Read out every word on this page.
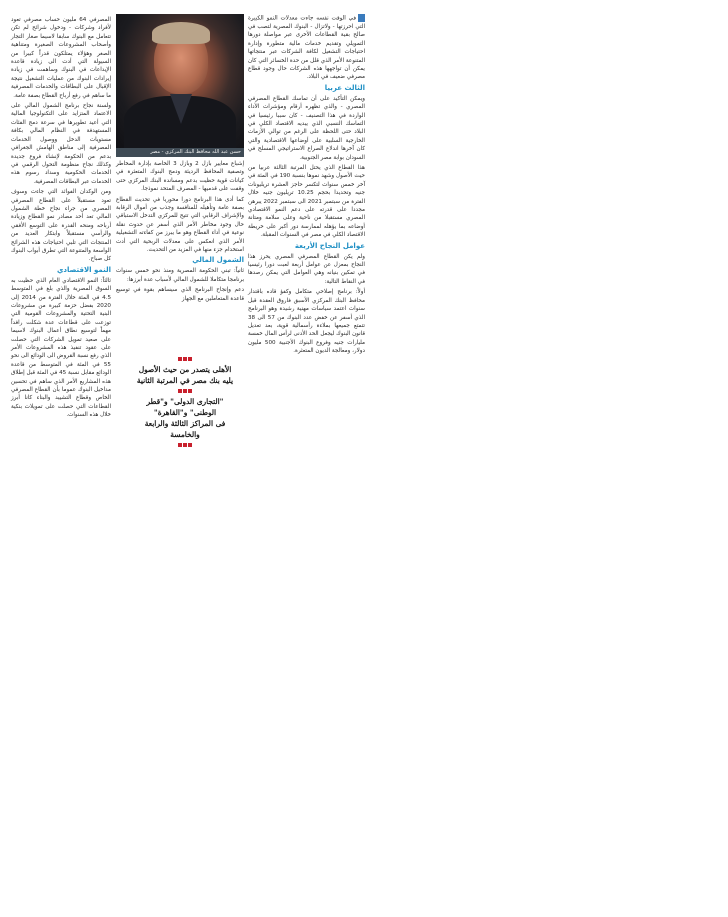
في الوقت نفسه جاءت معدلات النمو الكبيرة التي احرزتها - ولاتزال - البنوك المصرية لتصب في صالح بقية القطاعات الأخرى عبر مواصلة دورها التمويلي وتقديم خدمات مالية متطورة وإدارة احتياجات التشغيل لكافة الشركات عبر منتجاتها المتنوعة الأمر الذي قلل من حدة الخسائر التي كان يمكن أن تواجهها هذه الشركات حال وجود قطاع مصرفي ضعيف في البلاد.

الثالث عربيا

ويمكن التأكيد على أن تماسك القطاع المصرفي المصري - والذي تظهره أرقام ومؤشرات الأداء الواردة في هذا التصنيف - كان سببا رئيسيا في التماسك النسبي الذي يبديه الاقتصاد الكلي في البلاد حتى اللحظة على الرغم من توالي الأزمات الخارجية السلبية على أوضاعها الاقتصادية والتي كان آخرها اندلاع الصراع الاستراتيجي المسلح في السودان بوابة مصر الجنوبية.

هذا القطاع الذي يحتل المرتبة الثالثة عربيا من حيث الأصول وشهد نموها بنسبة 190 في المئة في آخر خمس سنوات لتكسر حاجز العشرة تريليونات جنيه وتحديدا بحجم 10.25 تريليون جنيه خلال الفترة من سبتمبر 2021 الى سبتمبر 2022 يبرهن مجددا على قدرته على دعم النمو الاقتصادي المصري مستقبلا من ناحية وعلى سلامة ومتانة أوضاعه بما يؤهله لممارسة دور أكبر على خريطة الاقتصاد الكلي في مصر في السنوات المقبلة.

عوامل النجاح الأربعة

ولم يكن القطاع المصرفي المصري يحرز هذا النجاح بمعزل عن عوامل أربعة لعبت دورا رئيسيا في تمكين بنيانه وهي العوامل التي يمكن رصدها في النقاط التالية:

أولاً: برنامج إصلاحي متكامل وكفؤ قاده باقتدار محافظ البنك المركزي الأسبق فاروق العقدة قبل سنوات اعتمد سياسات مهنية رشيدة وهو البرنامج الذي أسفر عن خفض عدد البنوك من 57 الى 38 تتمتع جميعها بملاءة رأسمالية قوية، بعد تعديل قانون البنوك ليجعل الحد الأدنى لرأس المال خمسة مليارات جنيه وفروع البنوك الأجنبية 500 مليون دولار، ومعالجة الديون المتعثرة.

حسن عبد الله محافظ البنك المركزي - مصر

إشباع معايير بازل 2 وبازل 3 الخاصة بإدارة المخاطر وتصفية المحافظ الرديئة ودمج البنوك المتعثرة في كيانات قوية حظيت بدعم ومساندة البنك المركزي حتى وقفت على قدميها - المصرف المتحد نموذجا.

كما أدى هذا البرنامج دورا محوريا في تحديث القطاع بصفة عامة وتأهيله للمنافسة وجذب من أموال الرقابة والإشراف الرقابي التي تتيح للمركزي التدخل الاستباقي حال وجود مخاطر الأمر الذي أسفر عن حدوث نقلة نوعية في أداء القطاع وهو ما يبرز من كفاءته التشغيلية الأمر الذي انعكس على معدلات الربحية التي أدت استخدام جزء منها في المزيد من التحديث.

الشمول المالي

ثانياً: تبني الحكومة المصرية ومنذ نحو خمس سنوات برنامجا متكاملا للشمول المالي لأسباب عدة أبرزها:

دعم وإنجاح البرنامج الذي سيساهم بقوة في توسيع قاعدة المتعاملين مع الجهاز

الأهلى يتصدر من حيث الأصول
يليه بنك مصر في المرتبة الثانية
"التجارى الدولى" و"قطر الوطنى" و"القاهرة"
فى المراكز الثالثة والرابعة والخامسة

المصرفي 64 مليون حساب مصرفي تعود لأفراد وشركات - ودخول شرائح لم تكن تتعامل مع البنوك سابقا لاسيما صغار التجار وأصحاب المشروعات الصغيرة ومتناهية الصغر وهؤلاء يمتلكون قدراً كبيرا من السيولة التي أدت الى زيادة قاعدة الإيداعات في البنوك وساهمت في زيادة إيرادات البنوك من عمليات التشغيل نتيجة الإقبال على البطاقات والخدمات المصرفية ما ساهم في رفع أرباح القطاع بصفة عامة.

ولسنة نجاح برنامج الشمول المالي على الاعتماد المتزايد على التكنولوجيا المالية التي أعيد تطويرها في سرعة دمج الفئات المستهدفة في النظام المالي بكافة مستويات الدخل ووصول الخدمات المصرفية إلى مناطق الهامش الجغرافي بدعم من الحكومة لإنشاء فروع جديدة وكذلك نجاح منظومة التحول الرقمي في الخدمات الحكومية وسداد رسوم هذه الخدمات عبر البطاقات المصرفية.

ومن الوكدان الفوائد التي جاءت وسوف تعود مستقبلاً على القطاع المصرفي المصري من جراء نجاح خطة الشمول المالي تعد أحد مصادر نمو القطاع وزيادة أرباحه ومنحه القدرة على التوسع الأفقي والرأسي مستقبلاً وابتكار العديد من المنتجات التي تلبي احتياجات هذه الشرائح الواسعة والمتنوعة التي تطرق أبواب البنوك كل صباح.

النمو الاقتصادي

ثالثاً: النمو الاقتصادي العام الذي حظيت به السوق المصرية والذي بلغ في المتوسط 4.5 في المئة خلال الفترة من 2014 إلى 2020 بفضل حزمة كبيرة من مشروعات البنية التحتية والمشروعات القومية التي توزعت على قطاعات عدة شكلت رافداً مهماً لتوسيع نطاق أعمال البنوك لاسيما على صعيد تمويل الشركات التي حصلت على عقود تنفيذ هذه المشروعات الأمر الذي رفع نسبة القروض الى الودائع الى نحو 55 في المئة في المتوسط من قاعدة الودائع مقابل نسبة 45 في المئة قبل إطلاق هذه المشاريع الأمر الذي ساهم في تحسين مداخيل البنوك عموما بأن القطاع المصرفي الخاص وقطاع التشييد والبناء كانا أبرز القطاعات التي حصلت على تمويلات بنكية خلال هذه السنوات.
